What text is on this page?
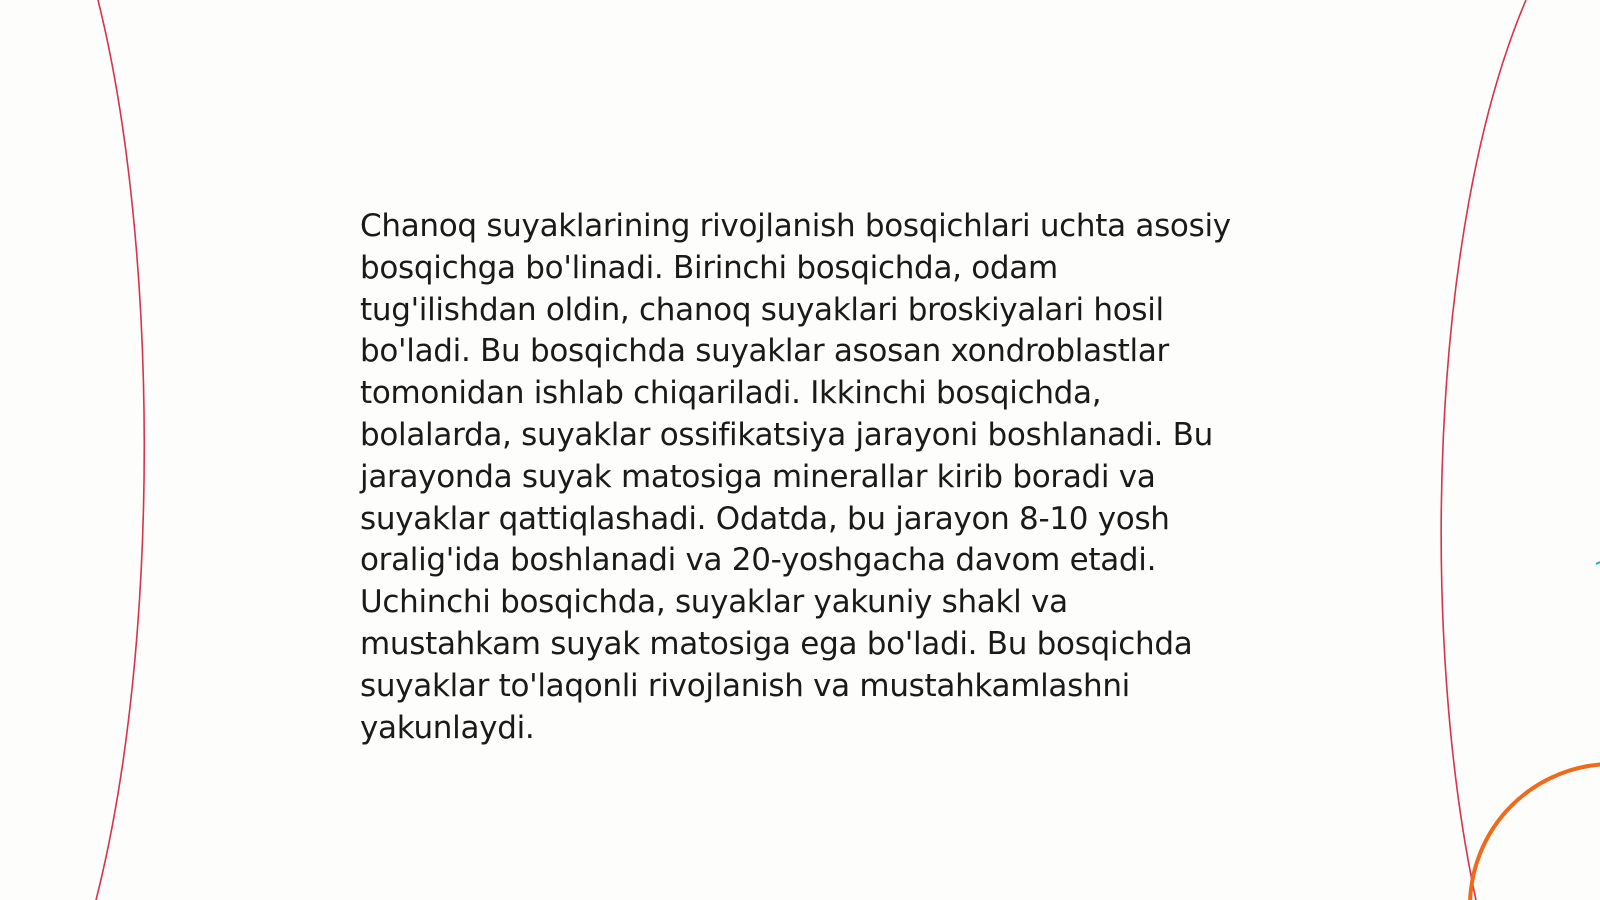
Chanoq suyaklarining rivojlanish bosqichlari uchta asosiy bosqichga bo'linadi. Birinchi bosqichda, odam tug'ilishdan oldin, chanoq suyaklari broskiyalari hosil bo'ladi. Bu bosqichda suyaklar asosan xondroblastlar tomonidan ishlab chiqariladi. Ikkinchi bosqichda, bolalarda, suyaklar ossifikatsiya jarayoni boshlanadi. Bu jarayonda suyak matosiga minerallar kirib boradi va suyaklar qattiqlashadi. Odatda, bu jarayon 8-10 yosh oralig'ida boshlanadi va 20-yoshgacha davom etadi. Uchinchi bosqichda, suyaklar yakuniy shakl va mustahkam suyak matosiga ega bo'ladi. Bu bosqichda suyaklar to'laqonli rivojlanish va mustahkamlashni yakunlaydi.
